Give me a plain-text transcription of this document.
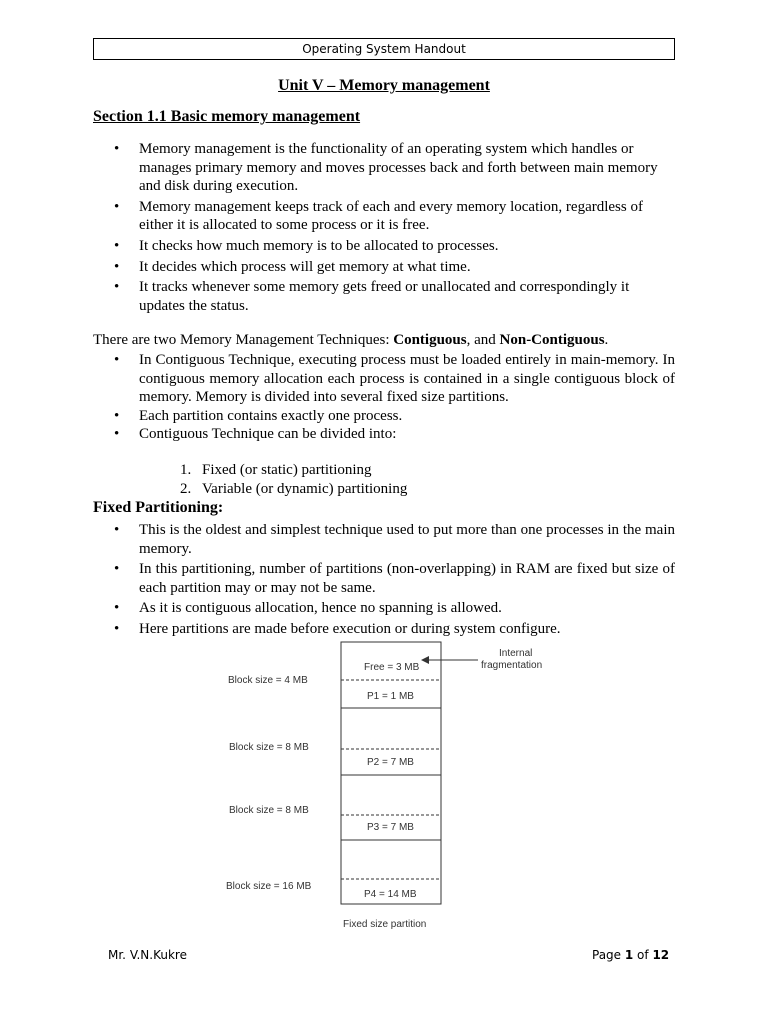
Operating System Handout
Unit V – Memory management
Section 1.1 Basic memory management
• Memory management is the functionality of an operating system which handles or manages primary memory and moves processes back and forth between main memory and disk during execution.
• Memory management keeps track of each and every memory location, regardless of either it is allocated to some process or it is free.
• It checks how much memory is to be allocated to processes.
• It decides which process will get memory at what time.
• It tracks whenever some memory gets freed or unallocated and correspondingly it updates the status.
There are two Memory Management Techniques: Contiguous, and Non-Contiguous.
• In Contiguous Technique, executing process must be loaded entirely in main-memory. In contiguous memory allocation each process is contained in a single contiguous block of memory. Memory is divided into several fixed size partitions.
• Each partition contains exactly one process.
• Contiguous Technique can be divided into:
1. Fixed (or static) partitioning
2. Variable (or dynamic) partitioning
Fixed Partitioning:
• This is the oldest and simplest technique used to put more than one processes in the main memory.
• In this partitioning, number of partitions (non-overlapping) in RAM are fixed but size of each partition may or may not be same.
• As it is contiguous allocation, hence no spanning is allowed.
• Here partitions are made before execution or during system configure.
Free = 3 MB
P1 = 1 MB
P2 = 7 MB
P3 = 7 MB
P4 = 14 MB
Block size = 4 MB
Block size = 8 MB
Block size = 8 MB
Block size = 16 MB
Internal
fragmentation
Fixed size partition
Mr. V.N.Kukre	Page 1 of 12
